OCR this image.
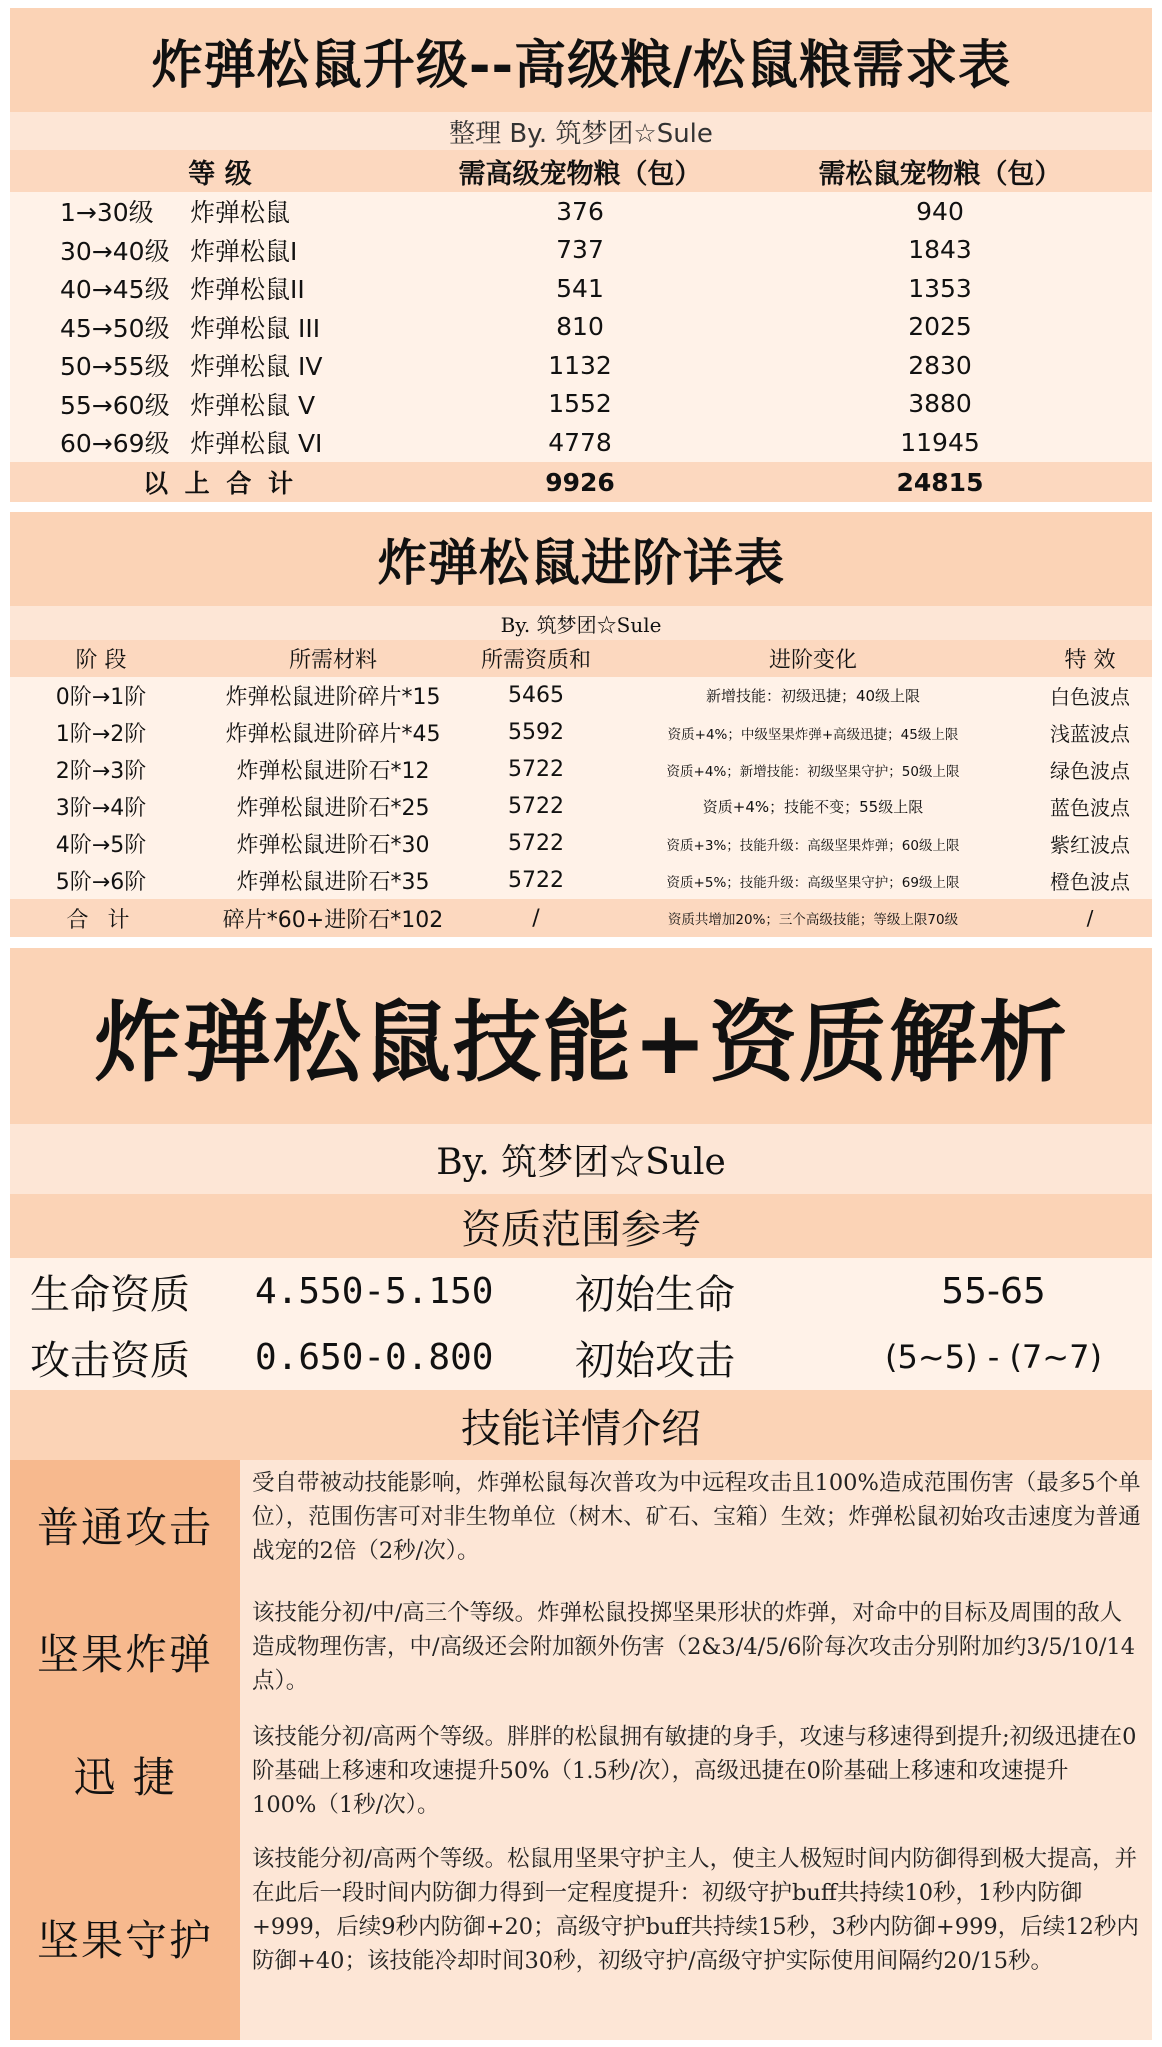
炸弹松鼠升级--高级粮/松鼠粮需求表
整理 By. 筑梦团☆Sule
等 级	需高级宠物粮（包）	需松鼠宠物粮（包）
1→30级	炸弹松鼠	376	940
30→40级 炸弹松鼠I	737	1843
40→45级 炸弹松鼠II	541	1353
45→50级 炸弹松鼠 III	810	2025
50→55级 炸弹松鼠 IV	1132	2830
55→60级 炸弹松鼠 V	1552	3880
60→69级 炸弹松鼠 VI	4778	11945
以 上 合 计	9926	24815
炸弹松鼠进阶详表
By. 筑梦团☆Sule
阶 段	所需材料	所需资质和	进阶变化	特 效
0阶→1阶	炸弹松鼠进阶碎片*15	5465	新增技能：初级迅捷；40级上限	白色波点
1阶→2阶	炸弹松鼠进阶碎片*45	5592	资质+4%；中级坚果炸弹+高级迅捷；45级上限	浅蓝波点
2阶→3阶	炸弹松鼠进阶石*12	5722	资质+4%；新增技能：初级坚果守护；50级上限	绿色波点
3阶→4阶	炸弹松鼠进阶石*25	5722	资质+4%；技能不变；55级上限	蓝色波点
4阶→5阶	炸弹松鼠进阶石*30	5722	资质+3%；技能升级：高级坚果炸弹；60级上限	紫红波点
5阶→6阶	炸弹松鼠进阶石*35	5722	资质+5%；技能升级：高级坚果守护；69级上限	橙色波点
合 计	碎片*60+进阶石*102	/	资质共增加20%；三个高级技能；等级上限70级	/
炸弹松鼠技能+资质解析
By. 筑梦团☆Sule
资质范围参考
生命资质	4.550-5.150	初始生命	55-65
攻击资质	0.650-0.800	初始攻击	(5~5) - (7~7)
技能详情介绍
普通攻击
受自带被动技能影响，炸弹松鼠每次普攻为中远程攻击且100%造成范围伤害（最多5个单位），范围伤害可对非生物单位（树木、矿石、宝箱）生效；炸弹松鼠初始攻击速度为普通战宠的2倍（2秒/次）。
坚果炸弹
该技能分初/中/高三个等级。炸弹松鼠投掷坚果形状的炸弹，对命中的目标及周围的敌人造成物理伤害，中/高级还会附加额外伤害（2&3/4/5/6阶每次攻击分别附加约3/5/10/14点）。
迅 捷
该技能分初/高两个等级。胖胖的松鼠拥有敏捷的身手，攻速与移速得到提升;初级迅捷在0阶基础上移速和攻速提升50%（1.5秒/次），高级迅捷在0阶基础上移速和攻速提升100%（1秒/次）。
坚果守护
该技能分初/高两个等级。松鼠用坚果守护主人，使主人极短时间内防御得到极大提高，并在此后一段时间内防御力得到一定程度提升：初级守护buff共持续10秒，1秒内防御+999，后续9秒内防御+20；高级守护buff共持续15秒，3秒内防御+999，后续12秒内防御+40；该技能冷却时间30秒，初级守护/高级守护实际使用间隔约20/15秒。
